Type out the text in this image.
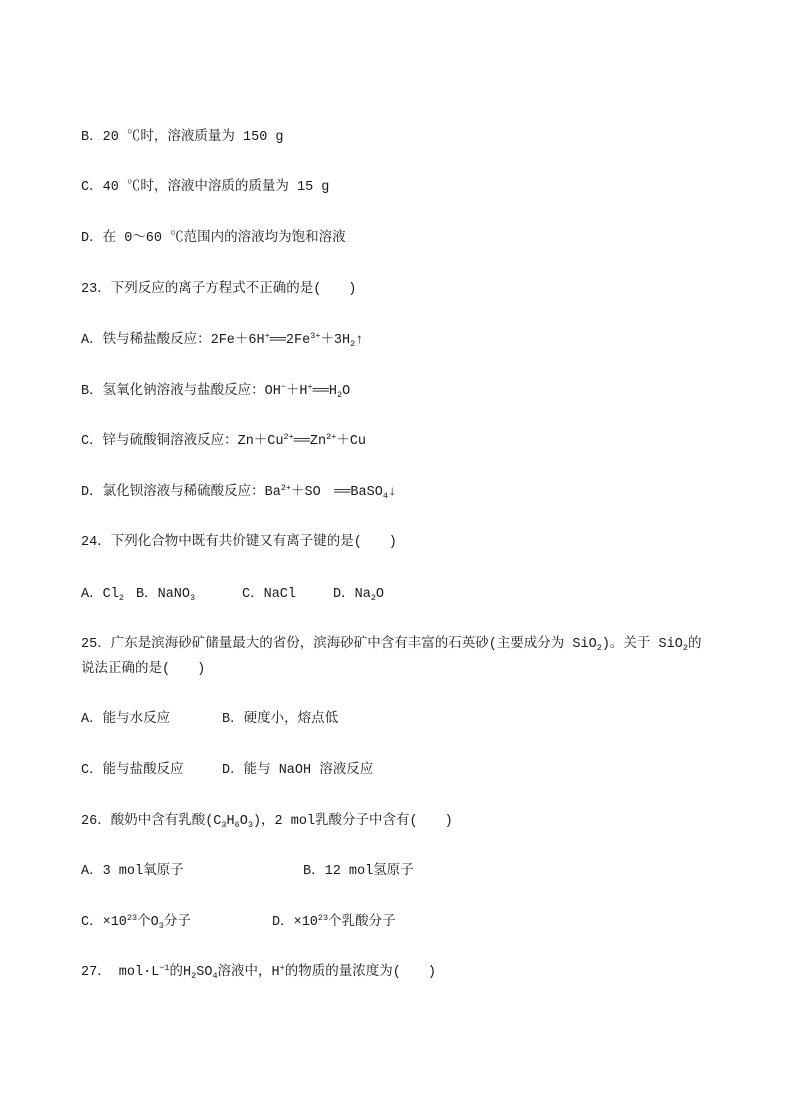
B．20 ℃时，溶液质量为 150 g
C．40 ℃时，溶液中溶质的质量为 15 g
D．在 0～60 ℃范围内的溶液均为饱和溶液
23．下列反应的离子方程式不正确的是(　　)
A．铁与稀盐酸反应：$2Fe+6H^+══2Fe^{3+}+3H_2↑$
B．氢氧化钠溶液与盐酸反应：$OH^-+H^+══H_2O$
C．锌与硫酸铜溶液反应：$Zn+Cu^{2+}══Zn^{2+}+Cu$
D．氯化钡溶液与稀硫酸反应：$Ba^{2+}+SO$　══BaSO$_4$↓
24．下列化合物中既有共价键又有离子键的是(　　)
A．$Cl_2$ B．NaNO$_3$	C．NaCl	D．$Na_2O$
25．广东是滨海砂矿储量最大的省份，滨海砂矿中含有丰富的石英砂(主要成分为 SiO$_2$)。关于 SiO$_2$的
说法正确的是(　　)
A．能与水反应	B．硬度小，熔点低
C．能与盐酸反应	D．能与 NaOH 溶液反应
26．酸奶中含有乳酸$(C_3H_6O_3)$，2 mol乳酸分子中含有(　　)
A．3 mol氧原子	B．12 mol氢原子
C．$\times 10^{23}$个$O_3$分子	D．$\times 10^{23}$个乳酸分子
27． $mol\cdot L^{-1}$的$H_2SO_4$溶液中，H+的物质的量浓度为(　　)
